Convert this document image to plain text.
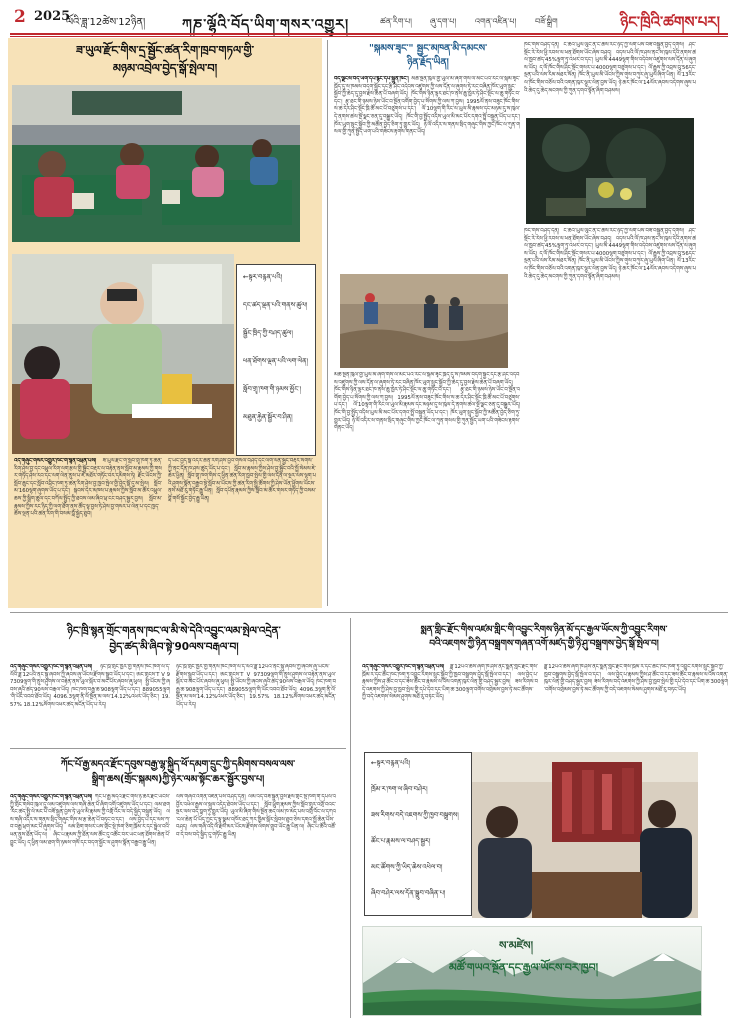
2 2025
ལོའི་ཟླ་12ཚེས་12ཉིན།	ཀཎ་ལྷོའི་བོད་ཡིག་གསར་འགྱུར།	ཚན་རིག་པ། ཞུ་དག་པ། འགན་འཛིན་པ། བཟོ་སྒྲིག	ཉིང་ཁྲིའི་ཚགས་པར།
ཟ་ཡུལ་རྫོང་གིས་དྲ་སྦྱོང་ཚན་རིག་ཁྲབ་གཏལ་གྱི་
མཉམ་འབྲེལ་བྱེད་སྒོ་སྤེལ་བ།
←སྟར་བརྙན་པའི།
དང་ཚད་ལྡན་པའི་གནས་ཚུལ།
སྦྱོང་ཁྲིད་ཀྱི་བཤད་ཚུལ།
ཕན་ཐོགས་ལྡན་པའི་ལག་ལེན།
སློབ་གྲྭ་ཁག་གི་ཉམས་མྱོང་།
མཐུན་རྐྱེན་སྦྱོར་བ་ཤིན།
འདི་གཞུང་གསར་འགྱུར་ཁང་གི་སྙན་འཕྲིན་པས། ཟ་ཡུལ་རྫོང་གི་སློབ་གྲྭ་ཁག་ཏུ་ཚན་རིག་ཤེས་བྱ་དང་འཕྲུལ་རིག་ལག་རྩལ་གྱི་སྦྱོང་བརྡར་ལ་བརྟེན་ནས་སློབ་མ་རྣམས་ཀྱི་གསར་གཏོད་ཤེས་རབ་དང་ལག་ལེན་ནུས་པ་ཇེ་མཐོར་གཏོང་བར་དམིགས་ཏེ། རྫོང་ཡོངས་ཀྱི་སློབ་ཆུང་དང་སློབ་འབྲིང་ཁག་ཏུ་ཚན་རིག་ཤེས་བྱ་ཁྱབ་སྤེལ་གྱི་བྱེད་སྒོ་དུ་མ་སྤེལ། སློབ་མ་160ལྷག་ཞུགས་ཡོད་པ་དང་། སྐབས་དེར་མཁས་པ་རྣམས་ཀྱིས་སློབ་མ་ཚོར་འཕྲུལ་ཆས་ཀྱི་སྒྲིག་ཚུལ་དང་བཀོལ་སྤྱོད་ཀྱི་ཐབས་ལམ་ཞིབ་ཕྲ་ངང་བཤད་སྦྱར་བྱས། སློབ་མ་རྣམས་ཀྱིས་རང་ཉིད་ཀྱི་ལག་ཐོག་ནས་ཚོད་ལྟ་བྱས་ཏེ་ཤེས་བྱ་གསར་པ་ལེན་པ་དང་ཁྱད་ཆོས་ལྡན་པའི་ཚན་རིག་གི་བསམ་བློ་སྐྱེད་ཐུབ།
དེ་ཡང་བྱེད་སྒོ་འདིར་ཚན་རིག་ཤེས་བྱའི་གསལ་བཤད་དང་ལག་ལེན་སྦྱོང་བརྡར་སོགས་ཀྱི་ནང་དོན་ཁ་ཤས་ཚུད་ཡོད་པ་དང་། སློབ་མ་རྣམས་ཀྱིས་ཤེས་བྱ་སྦྱོང་བའི་སྤྲོ་སེམས་ཇེ་ཆེར་ཕྱིན། སློབ་གྲྭ་ཁག་གིས་ད་ཕྱིན་ཚན་རིག་ཁྱབ་སྤེལ་གྱི་ལས་དོན་ལ་སྔར་ལས་ལྷག་པའི་ཤུགས་སྣོན་བརྒྱབ་སྟེ་སློབ་མ་ཡོངས་ཀྱི་ཚན་རིག་སྤྱི་ཚོགས་ཀྱི་ཤེས་ཡོན་ཕྱོགས་ཡོངས་ནས་མཐོ་རུ་གཏོང་རྒྱུ་ཡིན། སློབ་དཔོན་རྣམས་ཀྱིས་སློབ་མ་ཚོར་གསར་གཏོད་ཀྱི་བསམ་བློ་གསོ་སྐྱོང་བྱེད་རྒྱུ་ཡིན།
"སྐམས་ཟྭང་" སྦྱང་མཁན་མི་དམངས་
ཉིན་རྗོད་ཡིན།
བོད་ལྗོངས་བོད་ཡིག་དཔེ་རྙིང་དཔེ་སྐྲུན་ཁང་། མཚོ་སྔོན་ཁུལ་གྱི་ཡུལ་མི་ཞིག་གིས་ལོ་མང་པོའི་རིང་ལ་སྐམ་ཟྭང་ཁྲོད་དུ་ས་ཁམས་བདག་སྐྱོང་དང་རྩི་ཤིང་འདེབས་འཛུགས་ཀྱི་ལས་དོན་ལ་ཞུགས་ཏེ་རང་བཞིན་ཁོར་ཡུག་སྲུང་སྐྱོབ་ཀྱི་ཆེད་དུ་བྱས་རྗེས་ཆེན་པོ་བཞག་ཡོད། ཁོང་གིས་ཉིན་ལྟར་ཐང་ཁ་ནས་ཆུ་ཁྱེར་ཏེ་ཤིང་སྡོང་ལ་ཆུ་གཏོང་བ་དང་། རྩྭ་ཐང་གི་ཉམས་ཉེས་ཡོང་བ་སྔོན་འགོག་བྱེད་པ་སོགས་ཀྱི་ལས་ཀ་བྱས། 1995ལོ་ནས་བཟུང་ཁོང་གིས་ས་ཆ་དེར་ཤིང་སྡོང་ཁྲི་ཚོ་མང་པོ་བཙུགས་པ་དང་། ལོ་10ལྷག་གི་རིང་ལ་ཡུལ་མི་རྣམས་དང་མཉམ་དུ་ས་ཁུལ་དེ་ནགས་ཚལ་སྔོ་ལྗང་ཅན་དུ་བསྒྱུར་ཡོད། ཁོང་གི་བྱ་སྤྱོད་འདིས་ཡུལ་མི་མང་པོར་དགའ་སྤྲོ་བསྐྲུན་ཡོད་པ་དང་། ཁོར་ཡུག་སྲུང་སྐྱོབ་ཀྱི་མཚོན་བྱེད་ཅིག་ཏུ་གྱུར་ཡོད། ཉེ་ལོ་འདིར་ས་གནས་སྲིད་གཞུང་གིས་ཀྱང་ཁོང་ལ་ཀུན་གསལ་གྱི་ཀུན་སྤྱོད་ཡག་པའི་གཟེངས་རྟགས་གནང་ཡོད།
མཚོ་སྔོན་ཁུལ་གྱི་ཡུལ་མི་ཞིག་གིས་ལོ་མང་པོའི་རིང་ལ་སྐམ་ཟྭང་ཁྲོད་དུ་ས་ཁམས་བདག་སྐྱོང་དང་རྩི་ཤིང་འདེབས་འཛུགས་ཀྱི་ལས་དོན་ལ་ཞུགས་ཏེ་རང་བཞིན་ཁོར་ཡུག་སྲུང་སྐྱོབ་ཀྱི་ཆེད་དུ་བྱས་རྗེས་ཆེན་པོ་བཞག་ཡོད། ཁོང་གིས་ཉིན་ལྟར་ཐང་ཁ་ནས་ཆུ་ཁྱེར་ཏེ་ཤིང་སྡོང་ལ་ཆུ་གཏོང་བ་དང་། རྩྭ་ཐང་གི་ཉམས་ཉེས་ཡོང་བ་སྔོན་འགོག་བྱེད་པ་སོགས་ཀྱི་ལས་ཀ་བྱས། 1995ལོ་ནས་བཟུང་ཁོང་གིས་ས་ཆ་དེར་ཤིང་སྡོང་ཁྲི་ཚོ་མང་པོ་བཙུགས་པ་དང་། ལོ་10ལྷག་གི་རིང་ལ་ཡུལ་མི་རྣམས་དང་མཉམ་དུ་ས་ཁུལ་དེ་ནགས་ཚལ་སྔོ་ལྗང་ཅན་དུ་བསྒྱུར་ཡོད། ཁོང་གི་བྱ་སྤྱོད་འདིས་ཡུལ་མི་མང་པོར་དགའ་སྤྲོ་བསྐྲུན་ཡོད་པ་དང་། ཁོར་ཡུག་སྲུང་སྐྱོབ་ཀྱི་མཚོན་བྱེད་ཅིག་ཏུ་གྱུར་ཡོད། ཉེ་ལོ་འདིར་ས་གནས་སྲིད་གཞུང་གིས་ཀྱང་ཁོང་ལ་ཀུན་གསལ་གྱི་ཀུན་སྤྱོད་ཡག་པའི་གཟེངས་རྟགས་གནང་ཡོད།
ཁོང་གིས་བཤད་དོན། ང་ཚོའི་ཡུལ་ལུང་ནི་ང་ཚོས་རང་ཉིད་ཀྱི་ལག་པས་བཟོ་བསྐྲུན་བྱེད་དགོས། ཤིང་སྡོང་རེ་རེས་ཕྱི་རབས་ལ་ཕན་ཐོགས་ཡོང་ཞེས་བཤད། འདས་པའི་ལོ་ཁ་ཤས་ནང་ས་ཁུལ་དེའི་ནགས་ཚལ་ཁྱབ་ཚད་45%ལྷག་ཏུ་འཕར་བ་དང་། ཡུལ་མི་4449ལྷག་གིས་འདེབས་འཛུགས་ལས་དོན་ལ་ཞུགས་ཡོད། ད་ལོ་ཁོང་གིས་ཤིང་སྡོང་གསར་པ་4000ལྷག་བཙུགས་པ་དང་། ལོ་རྒྱུས་ཀྱི་འབྲས་བུ་56དང་ལྡན་པའི་ལས་རིམ་མཐར་སོན། ཁོང་ནི་ཡུལ་མི་ཡོངས་ཀྱིས་གུས་བཀུར་ཞུ་ཡུལ་ཞིག་ཡིན། ལོ་13རིང་ལ་ཁོང་གིས་བཅོལ་བའི་འགན་ཁུར་ལྷུར་ལེན་བྱས་ཡོད། ཉེ་ཆར་ཁོང་ལ་14ལོར་ཞབས་འདེགས་ཞུས་པའི་ཆེད་དུ་ཆེད་མངགས་ཀྱི་ཀུན་དགའ་སྟོན་ཞིག་བཤམས།
ཁོང་གིས་བཤད་དོན། ང་ཚོའི་ཡུལ་ལུང་ནི་ང་ཚོས་རང་ཉིད་ཀྱི་ལག་པས་བཟོ་བསྐྲུན་བྱེད་དགོས། ཤིང་སྡོང་རེ་རེས་ཕྱི་རབས་ལ་ཕན་ཐོགས་ཡོང་ཞེས་བཤད། འདས་པའི་ལོ་ཁ་ཤས་ནང་ས་ཁུལ་དེའི་ནགས་ཚལ་ཁྱབ་ཚད་45%ལྷག་ཏུ་འཕར་བ་དང་། ཡུལ་མི་4449ལྷག་གིས་འདེབས་འཛུགས་ལས་དོན་ལ་ཞུགས་ཡོད། ད་ལོ་ཁོང་གིས་ཤིང་སྡོང་གསར་པ་4000ལྷག་བཙུགས་པ་དང་། ལོ་རྒྱུས་ཀྱི་འབྲས་བུ་56དང་ལྡན་པའི་ལས་རིམ་མཐར་སོན། ཁོང་ནི་ཡུལ་མི་ཡོངས་ཀྱིས་གུས་བཀུར་ཞུ་ཡུལ་ཞིག་ཡིན། ལོ་13རིང་ལ་ཁོང་གིས་བཅོལ་བའི་འགན་ཁུར་ལྷུར་ལེན་བྱས་ཡོད། ཉེ་ཆར་ཁོང་ལ་14ལོར་ཞབས་འདེགས་ཞུས་པའི་ཆེད་དུ་ཆེད་མངགས་ཀྱི་ཀུན་དགའ་སྟོན་ཞིག་བཤམས།
ཉིང་ཁྲི་སྙན་གྲོང་གནས་ཁང་ལ་མི་སེ་དེའི་འབྱུང་ལམ་སྤེལ་འདྲེན་
བྱེད་ཚད་མི་ཞིབ་སྟེ་90ལས་བརྒལ་བ།
འདི་གཞུང་གསར་འགྱུར་ཁང་གི་སྙན་འཕྲིན་པས། ཉིང་ཁྲི་གྲོང་ཁྱེར་གྱི་གནས་ཁང་ཁག་ལ་ད་ལོའི་ཟླ་12པའི་ནང་སྐུ་ཞབས་ཀྱི་ཞབས་ཞུ་ཡོངས་རྫོགས་སྒྲུབ་ཡོད་པ་དང་། ཨང་གྲངས་T V 97309ལྷག་གི་ནུས་ཤུགས་ལ་བརྟེན་ནས་ཡུལ་སྐོར་བ་མང་པོར་ཞབས་ཞུ་ཕུལ། སྤྱི་ཡོངས་ཀྱི་ཞབས་ཞུའི་ཚད་90ལས་བརྒལ་ཡོད། ཁང་ཁག་བརྒྱ་ཆ་908ལྷག་ཡོད་པ་དང་། 889055ལྷག་གི་ཡོང་འབབ་ཐོབ་ཡོད། 4096.3ལྷག་ནི་ལོ་སྔོན་མ་ལས་14.12%འཕར་ཡོད་ཅིང་། 19.57% 18.12%སོགས་འཕར་ཚད་མངོན་ཡོད་པ་རེད།
ཉིང་ཁྲི་གྲོང་ཁྱེར་གྱི་གནས་ཁང་ཁག་ལ་ད་ལོའི་ཟླ་12པའི་ནང་སྐུ་ཞབས་ཀྱི་ཞབས་ཞུ་ཡོངས་རྫོགས་སྒྲུབ་ཡོད་པ་དང་། ཨང་གྲངས་T V 97309ལྷག་གི་ནུས་ཤུགས་ལ་བརྟེན་ནས་ཡུལ་སྐོར་བ་མང་པོར་ཞབས་ཞུ་ཕུལ། སྤྱི་ཡོངས་ཀྱི་ཞབས་ཞུའི་ཚད་90ལས་བརྒལ་ཡོད། ཁང་ཁག་བརྒྱ་ཆ་908ལྷག་ཡོད་པ་དང་། 889055ལྷག་གི་ཡོང་འབབ་ཐོབ་ཡོད། 4096.3ལྷག་ནི་ལོ་སྔོན་མ་ལས་14.12%འཕར་ཡོད་ཅིང་། 19.57% 18.12%སོགས་འཕར་ཚད་མངོན་ཡོད་པ་རེད།
སྨན་གླིང་རྫོང་གིས་འཛམ་གླིང་གི་འབྱུང་རིགས་ཉིན་མོ་དང་རྒྱལ་ཡོངས་ཀྱི་འབྱུང་རིགས་
བའི་འཇགས་ཀྱི་ཉིན་བསྒྲགས་གཞན་འགོ་མཛད་གྱི་ཉི་ཤུ་བསྒྲགས་བྱེད་སྒོ་སྤེལ་བ།
འདི་གཞུང་གསར་འགྱུར་ཁང་གི་སྙན་འཕྲིན་པས། ཟླ་12པའི་ཚེས་ཞག་ཁ་ཤས་ནང་སྨན་གླིང་རྫོང་གིས་ཁྲོམ་ར་དང་ཚོང་ཁང་ཁག་ཏུ་འབྱུང་རིགས་སྲུང་སྐྱོབ་ཀྱི་ཁྱབ་བསྒྲགས་བྱེད་སྒོ་སྤེལ་བ་དང་། ལས་བྱེད་པ་རྣམས་ཀྱིས་ཤ་ཚོང་བ་དང་ཟས་ཚོང་བ་རྣམས་ལ་འོས་འགན་ཁུར་ལེན་གྱི་བཤད་སྦྱར་བྱས། ཟས་རིགས་བདེ་འཇགས་ཀྱི་ཤེས་བྱ་ཁྱབ་སྤེལ་གྱི་དཔེ་དེབ་དང་ཡིག་ཆ་300ལྷག་བགོས་འགྲེམས་བྱས་ཏེ་མང་ཚོགས་ཀྱི་བདེ་འཇགས་སེམས་ཤུགས་མཐོ་རུ་བཏང་ཡོད།
ཟླ་12པའི་ཚེས་ཞག་ཁ་ཤས་ནང་སྨན་གླིང་རྫོང་གིས་ཁྲོམ་ར་དང་ཚོང་ཁང་ཁག་ཏུ་འབྱུང་རིགས་སྲུང་སྐྱོབ་ཀྱི་ཁྱབ་བསྒྲགས་བྱེད་སྒོ་སྤེལ་བ་དང་། ལས་བྱེད་པ་རྣམས་ཀྱིས་ཤ་ཚོང་བ་དང་ཟས་ཚོང་བ་རྣམས་ལ་འོས་འགན་ཁུར་ལེན་གྱི་བཤད་སྦྱར་བྱས། ཟས་རིགས་བདེ་འཇགས་ཀྱི་ཤེས་བྱ་ཁྱབ་སྤེལ་གྱི་དཔེ་དེབ་དང་ཡིག་ཆ་300ལྷག་བགོས་འགྲེམས་བྱས་ཏེ་མང་ཚོགས་ཀྱི་བདེ་འཇགས་སེམས་ཤུགས་མཐོ་རུ་བཏང་ཡོད།
←སྟར་བརྙན་པའི།
ཁྲོམ་ར་ཁག་ལ་ཞིབ་བཤེར།
ཟས་རིགས་བདེ་འཇགས་ཀྱི་ཁྱབ་བསྒྲགས།
ཚོང་པ་རྣམས་ལ་བཤད་སྦྱར།
མང་ཚོགས་ཀྱི་ཡིད་ཆེས་འཕེལ་བ།
ཞིབ་བཤེར་ལས་དོན་སྒྲུབ་བཞིན་པ།
ཀོང་པོ་རྒྱ་མདའ་རྫོང་དབུས་བརྒྱ་ལྷ་སྐྱིད་ཕོ་དམག་དྲུང་ཀྱི་དམིགས་བསལ་ལས་
སྒྲིག་ཆས(གྲོང་སྐམས)ཀྱི་ཉེར་ལམ་སྟོང་ཆར་སྦྱོར་བྱས་པ།
འདི་གཞུང་གསར་འགྱུར་ཁང་གི་སྙན་འཕྲིན་པས། ཀོང་པོ་རྒྱ་མདའ་རྫོང་གིས་ཉེ་ཆར་རྫོང་ཡོངས་ཀྱི་གྲོང་གསེབ་ཁུལ་དུ་ལམ་འཛུགས་ལས་གཞི་ཆེན་པོ་ཞིག་འགོ་འཛུགས་ཡོད་པ་དང་། ལམ་ཐག་རིང་ཚད་སྤྱི་ལེ་མང་པོ་བཟོ་སྐྲུན་བྱས་ཏེ་ཡུལ་མི་རྣམས་ཀྱི་འགྲོ་འོང་ལ་བདེ་སྐྱིད་བསྐྲུན་ཡོད། ལས་གཞི་འདིར་ས་གནས་སྲིད་གཞུང་གིས་མ་རྩ་ཆེན་པོ་བཏང་བ་དང་། ལས་བྱེད་པ་དང་ལས་ཀ་བ་བརྒྱ་ཕྲག་མང་པོ་ཞུགས་ཡོད། ལམ་ཐིག་གསར་པས་གྲོང་སྡེ་ཁག་ཅིག་ཁྲོམ་ར་དང་སྦྲེལ་བའི་ཕན་ནུས་ཐོན་ཡོད་ལ། ཞིང་པ་རྣམས་ཀྱི་ཐོན་ལས་ཚོང་དུ་འཚོང་བར་ཡང་ཕན་ཐོགས་ཆེན་པོ་བྱུང་ཡོད། ད་ཕྱིན་ལམ་ཐག་གི་ཉམས་གསོ་དང་བདག་སྐྱོང་ལ་ཤུགས་སྣོན་བརྒྱབ་རྒྱུ་ཡིན།
ལས་གཞིའི་འགན་འཛིན་པས་བཤད་དོན། ལམ་འདི་བཟོ་སྐྲུན་བྱས་རྗེས་གྲོང་སྡེ་ཁག་གི་དཔལ་འབྱོར་འཕེལ་རྒྱས་ལ་སྐུལ་འདེད་ཐེབས་ཡོད་པ་དང་། སློབ་ཕྲུག་རྣམས་ཀྱིས་སློབ་གྲྭར་འགྲོ་བའང་སྔར་ལས་བདེ་བླག་ཏུ་གྱུར་ཡོད། ཡུལ་མི་ཞིག་གིས་སྔོན་ཆད་ལམ་ཁ་མེད་པས་འགྲོ་འོང་ལ་དཀའ་ངལ་ཆེན་པོ་ཡོད་ཀྱང་ད་ལྟ་སྣུམ་འཁོར་ཐད་ཀར་ཁྱིམ་སྒོར་སླེབས་ཐུབ་ཅེས་དགའ་སྤྲོ་ཆེན་པོས་བཤད། ལས་གཞི་འདི་ལོ་རྗེས་མར་ཡོངས་རྫོགས་ལེགས་གྲུབ་ཡོང་རྒྱུ་ཡིན་ལ། ཞིང་པ་ཚོའི་འཚོ་བ་དེ་བས་བདེ་སྐྱིད་དུ་གཏོང་རྒྱུ་ཡིན།
ས་མཛེས།
མཚོ་གཡའ་སྔོན་དང་རྒྱལ་ཡོངས་བར་ཁྱབ།
